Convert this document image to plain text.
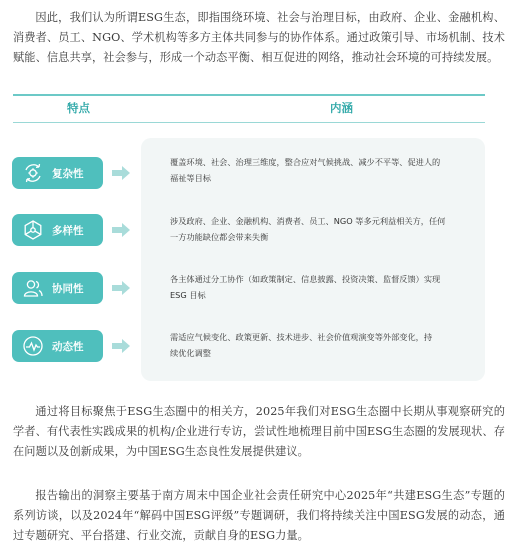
因此，我们认为所谓ESG生态，即指围绕环境、社会与治理目标，由政府、企业、金融机构、消费者、员工、NGO、学术机构等多方主体共同参与的协作体系。通过政策引导、市场机制、技术赋能、信息共享，社会参与，形成一个动态平衡、相互促进的网络，推动社会环境的可持续发展。
特点	内涵
复杂性
覆盖环境、社会、治理三维度，整合应对气候挑战、减少不平等、促进人的
福祉等目标
多样性
涉及政府、企业、金融机构、消费者、员工、NGO 等多元利益相关方，任何
一方功能缺位都会带来失衡
协同性
各主体通过分工协作（如政策制定、信息披露、投资决策、监督反馈）实现
ESG 目标
动态性
需适应气候变化、政策更新、技术进步、社会价值观演变等外部变化，持
续优化调整
通过将目标聚焦于ESG生态圈中的相关方，2025年我们对ESG生态圈中长期从事观察研究的学者、有代表性实践成果的机构/企业进行专访，尝试性地梳理目前中国ESG生态圈的发展现状、存在问题以及创新成果，为中国ESG生态良性发展提供建议。
报告输出的洞察主要基于南方周末中国企业社会责任研究中心2025年“共建ESG生态”专题的系列访谈，以及2024年“解码中国ESG评级”专题调研，我们将持续关注中国ESG发展的动态，通过专题研究、平台搭建、行业交流，贡献自身的ESG力量。
